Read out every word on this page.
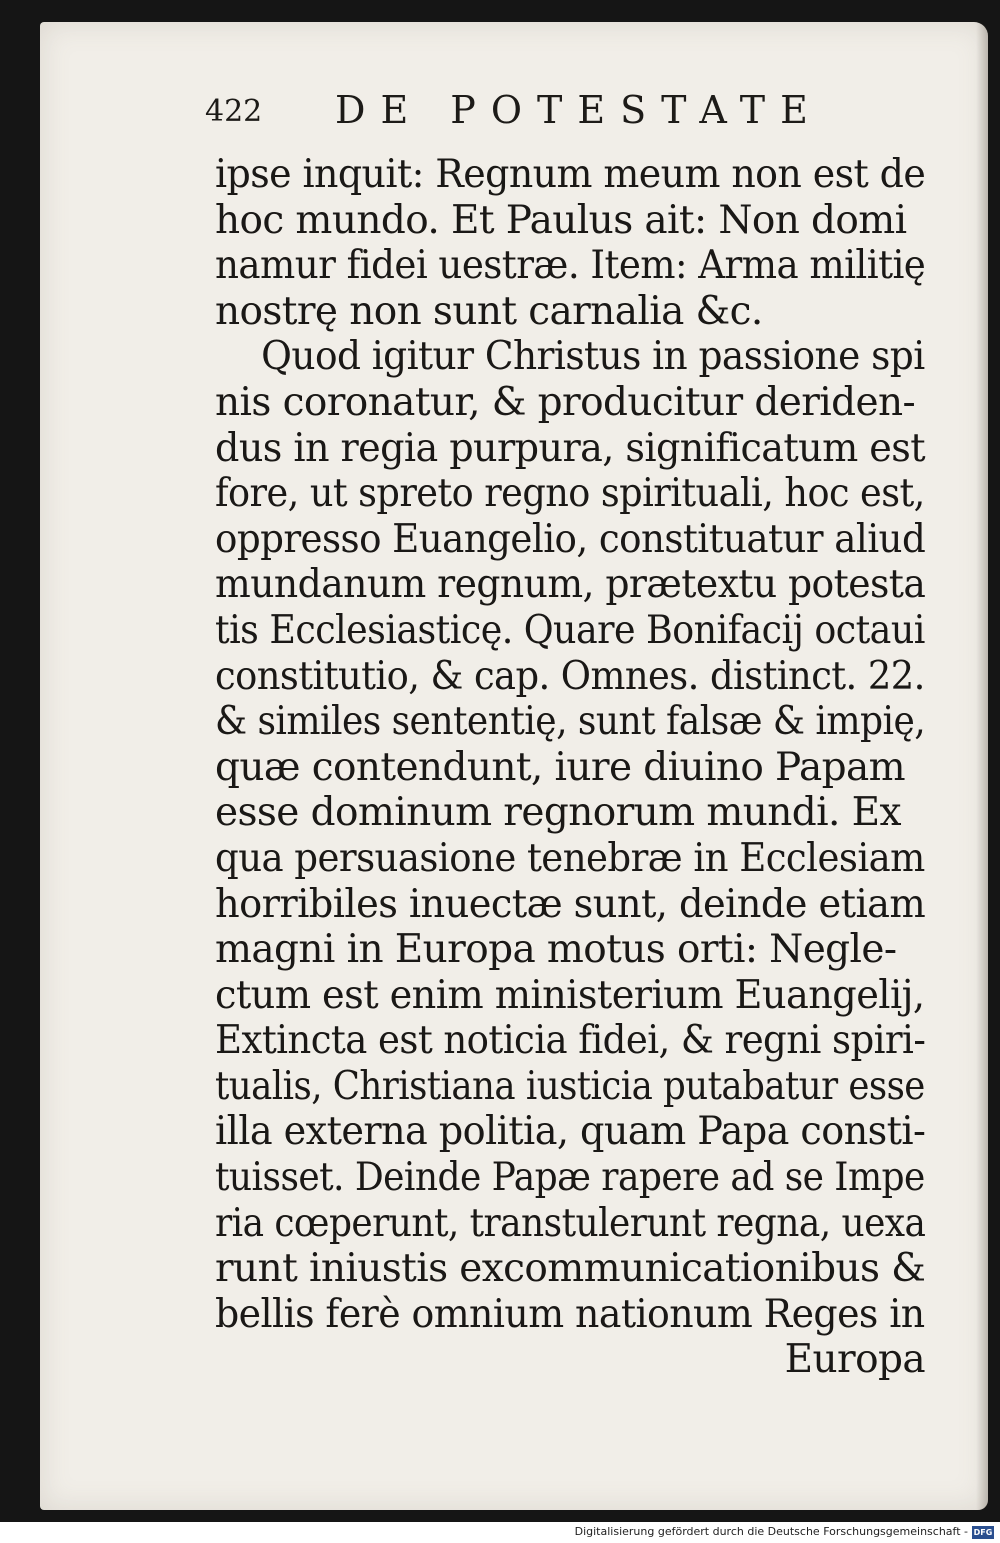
422 DE POTESTATE
ipse inquit: Regnum meum non est de
hoc mundo. Et Paulus ait: Non domi
namur fidei uestræ. Item: Arma militię
nostrę non sunt carnalia &c.
Quod igitur Christus in passione spi
nis coronatur, & producitur deriden-
dus in regia purpura, significatum est
fore, ut spreto regno spirituali, hoc est,
oppresso Euangelio, constituatur aliud
mundanum regnum, prætextu potesta
tis Ecclesiasticę. Quare Bonifacij octaui
constitutio, & cap. Omnes. distinct. 22.
& similes sententię, sunt falsæ & impię,
quæ contendunt, iure diuino Papam
esse dominum regnorum mundi. Ex
qua persuasione tenebræ in Ecclesiam
horribiles inuectæ sunt, deinde etiam
magni in Europa motus orti: Negle-
ctum est enim ministerium Euangelij,
Extincta est noticia fidei, & regni spiri-
tualis, Christiana iusticia putabatur esse
illa externa politia, quam Papa consti-
tuisset. Deinde Papæ rapere ad se Impe
ria cœperunt, transtulerunt regna, uexa
runt iniustis excommunicationibus &
bellis ferè omnium nationum Reges in
Europa
Digitalisierung gefördert durch die Deutsche Forschungsgemeinschaft - DFG
